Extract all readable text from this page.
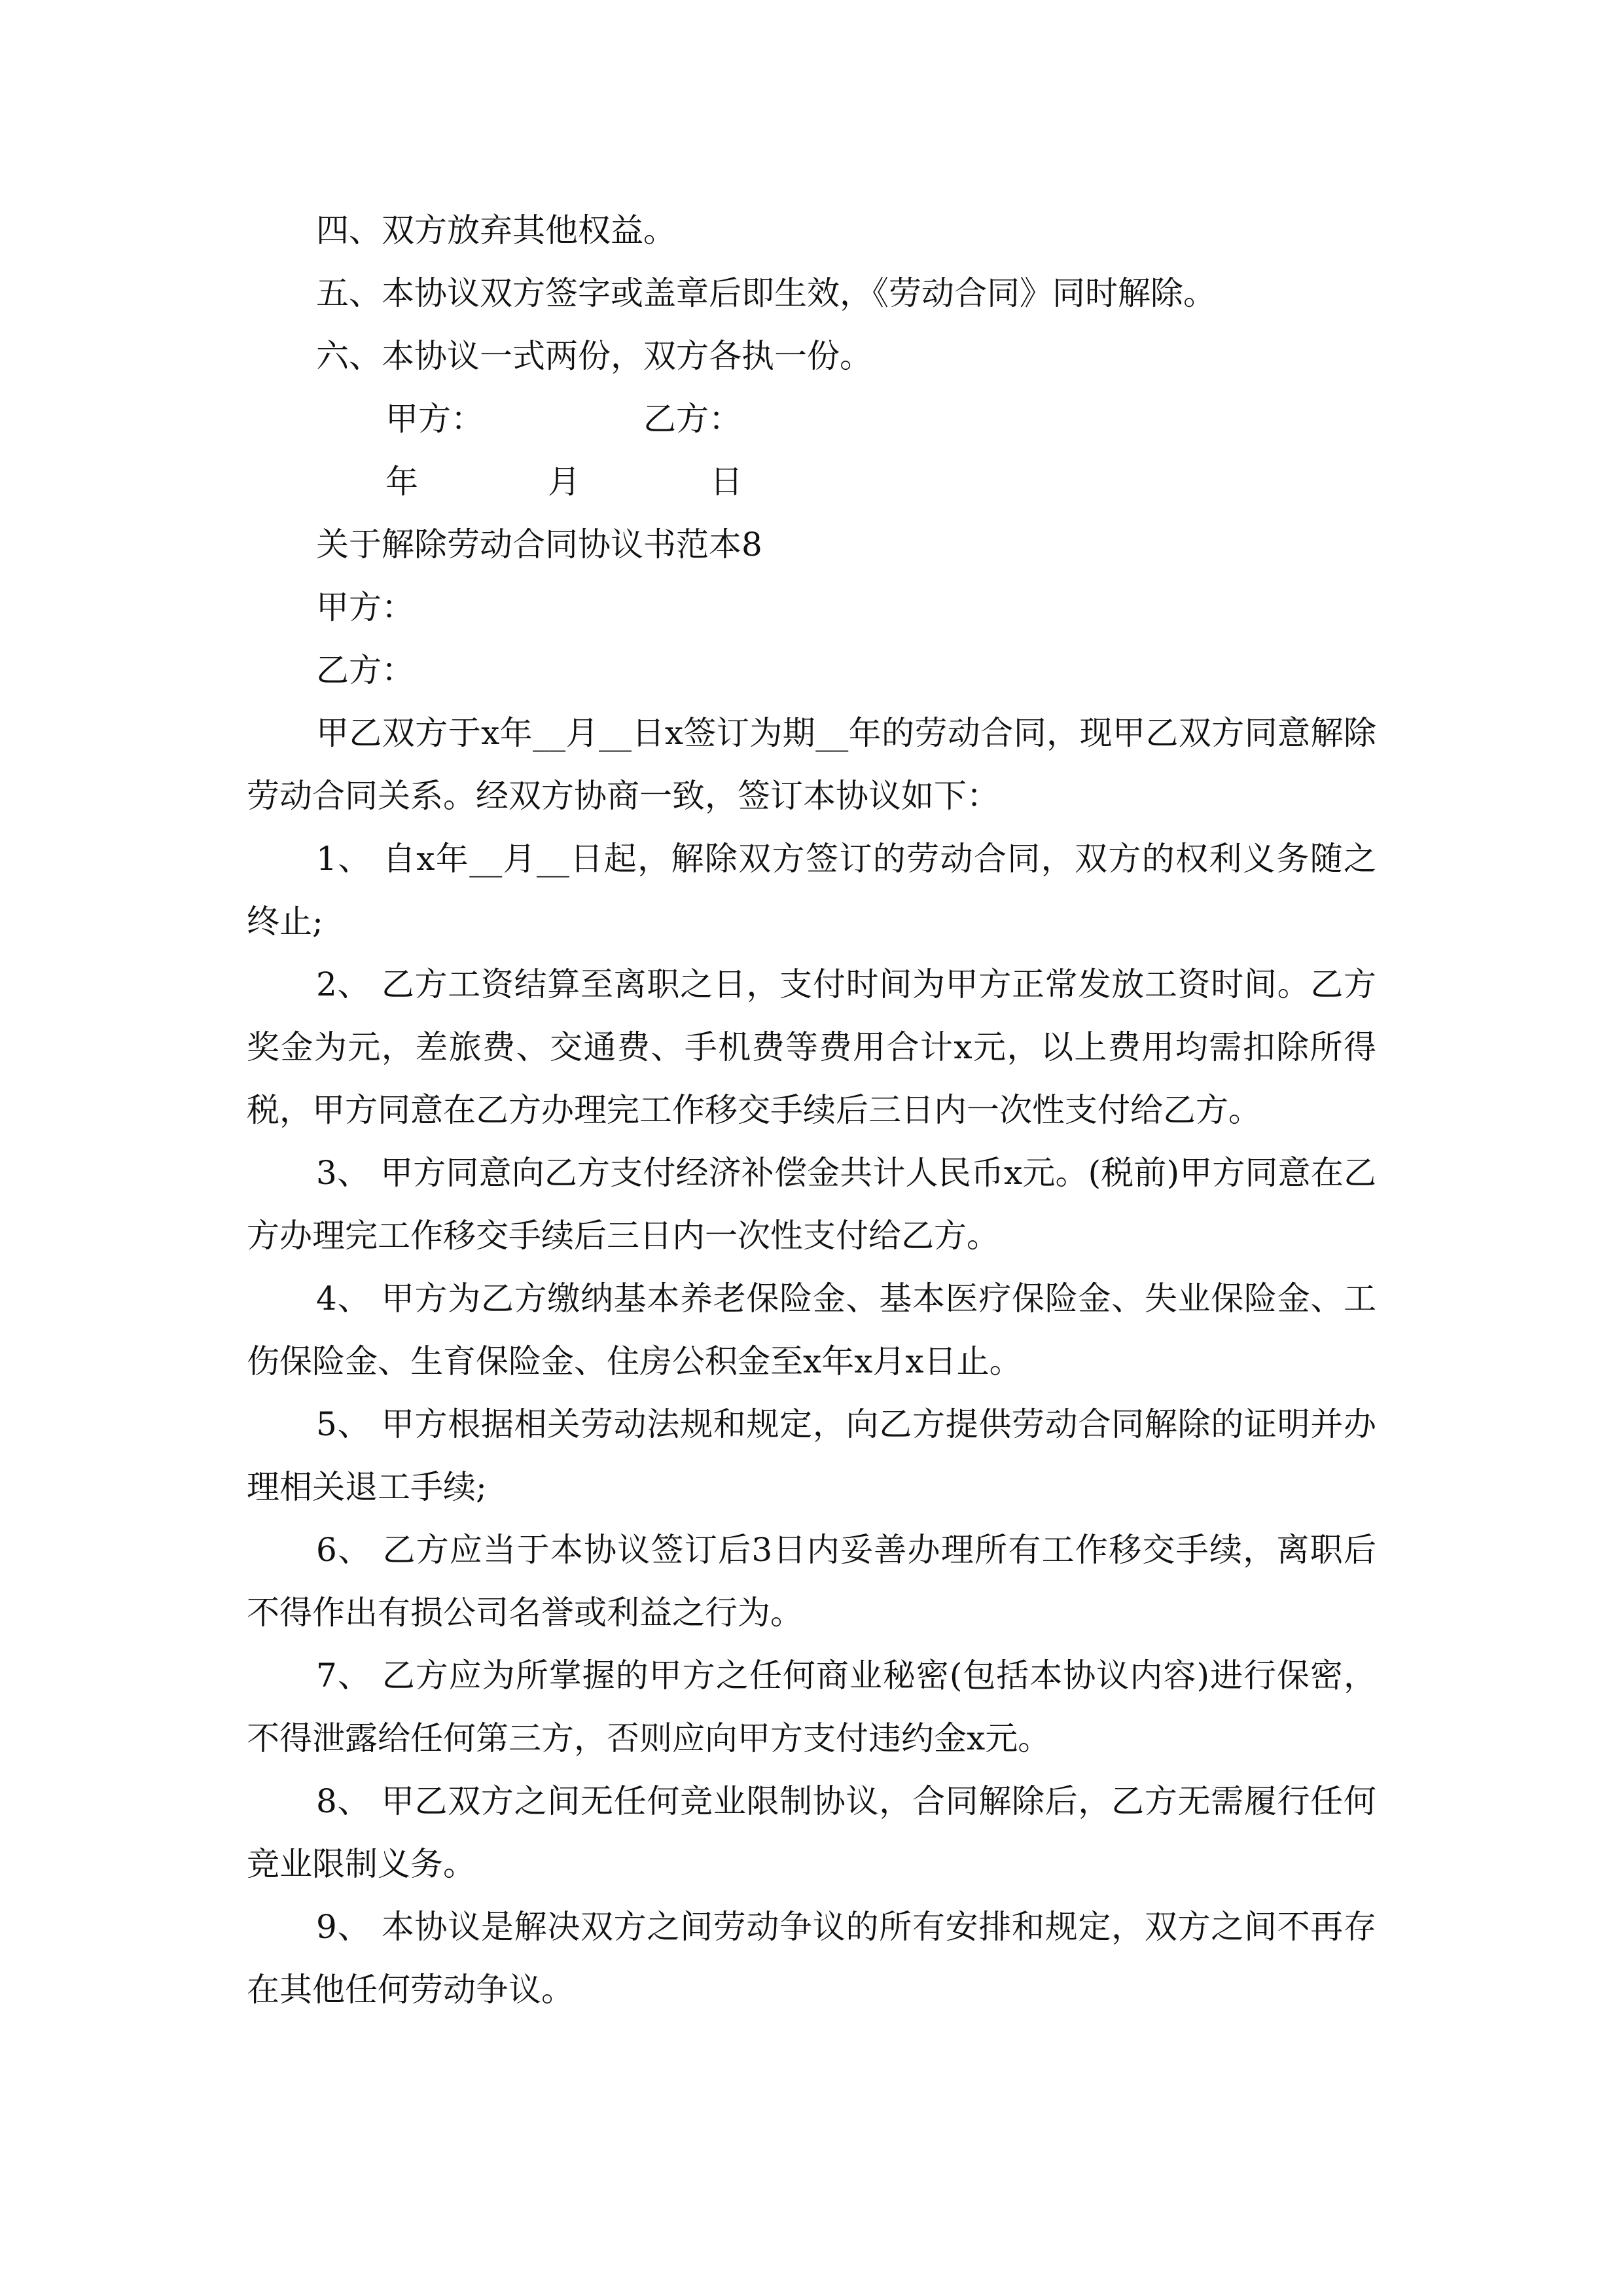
四、双方放弃其他权益。

五、本协议双方签字或盖章后即生效，《劳动合同》同时解除。

六、本协议一式两份，双方各执一份。

甲方：	乙方：

年	月	日

关于解除劳动合同协议书范本8

甲方：

乙方：

甲乙双方于x年__月__日x签订为期__年的劳动合同，现甲乙双方同意解除劳动合同关系。经双方协商一致，签订本协议如下：

1、 自x年__月__日起，解除双方签订的劳动合同，双方的权利义务随之终止;

2、 乙方工资结算至离职之日，支付时间为甲方正常发放工资时间。乙方奖金为元，差旅费、交通费、手机费等费用合计x元，以上费用均需扣除所得税，甲方同意在乙方办理完工作移交手续后三日内一次性支付给乙方。

3、 甲方同意向乙方支付经济补偿金共计人民币x元。(税前)甲方同意在乙方办理完工作移交手续后三日内一次性支付给乙方。

4、 甲方为乙方缴纳基本养老保险金、基本医疗保险金、失业保险金、工伤保险金、生育保险金、住房公积金至x年x月x日止。

5、 甲方根据相关劳动法规和规定，向乙方提供劳动合同解除的证明并办理相关退工手续;

6、 乙方应当于本协议签订后3日内妥善办理所有工作移交手续，离职后不得作出有损公司名誉或利益之行为。

7、 乙方应为所掌握的甲方之任何商业秘密(包括本协议内容)进行保密，不得泄露给任何第三方，否则应向甲方支付违约金x元。

8、 甲乙双方之间无任何竞业限制协议，合同解除后，乙方无需履行任何竞业限制义务。

9、 本协议是解决双方之间劳动争议的所有安排和规定，双方之间不再存在其他任何劳动争议。
